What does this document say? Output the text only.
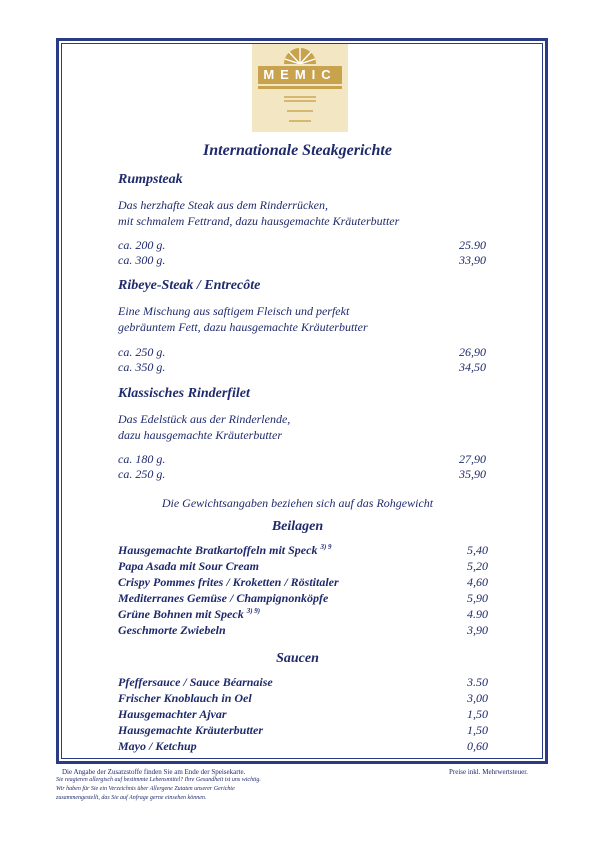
MEMIC
Internationale Steakgerichte
Rumpsteak
Das herzhafte Steak aus dem Rinderrücken,
mit schmalem Fettrand, dazu hausgemachte Kräuterbutter
ca. 200 g.	25.90
ca. 300 g.	33,90
Ribeye-Steak / Entrecôte
Eine Mischung aus saftigem Fleisch und perfekt
gebräuntem Fett, dazu hausgemachte Kräuterbutter
ca. 250 g.	26,90
ca. 350 g.	34,50
Klassisches Rinderfilet
Das Edelstück aus der Rinderlende,
dazu hausgemachte Kräuterbutter
ca. 180 g.	27,90
ca. 250 g.	35,90
Die Gewichtsangaben beziehen sich auf das Rohgewicht
Beilagen
Hausgemachte Bratkartoffeln mit Speck $^{3) 9}$	5,40
Papa Asada mit Sour Cream	5,20
Crispy Pommes frites / Kroketten / Röstitaler	4,60
Mediterranes Gemüse / Champignonköpfe	5,90
Grüne Bohnen mit Speck $^{3) 9)}$	4.90
Geschmorte Zwiebeln	3,90
Saucen
Pfeffersauce / Sauce Béarnaise	3.50
Frischer Knoblauch in Oel	3,00
Hausgemachter Ajvar	1,50
Hausgemachte Kräuterbutter	1,50
Mayo / Ketchup	0,60
Die Angabe der Zusatzstoffe finden Sie am Ende der Speisekarte.	Preise inkl. Mehrwertsteuer.
Sie reagieren allergisch auf bestimmte Lebensmittel? Ihre Gesundheit ist uns wichtig.
Wir haben für Sie ein Verzeichnis über Allergene Zutaten unserer Gerichte
zusammengestellt, das Sie auf Anfrage gerne einsehen können.
